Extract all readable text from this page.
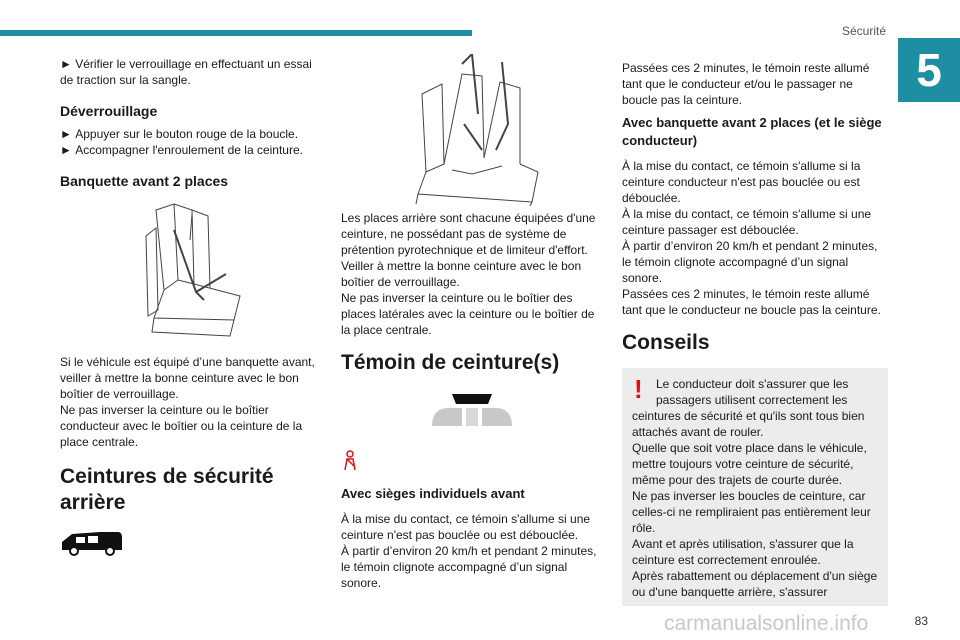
Sécurité
5

► Vérifier le verrouillage en effectuant un essai de traction sur la sangle.

Déverrouillage

► Appuyer sur le bouton rouge de la boucle.

► Accompagner l'enroulement de la ceinture.

Banquette avant 2 places

Si le véhicule est équipé d’une banquette avant, veiller à mettre la bonne ceinture avec le bon boîtier de verrouillage.
Ne pas inverser la ceinture ou le boîtier conducteur avec le boîtier ou la ceinture de la place centrale.

Ceintures de sécurité arrière

Les places arrière sont chacune équipées d'une ceinture, ne possédant pas de système de prétention pyrotechnique et de limiteur d'effort.
Veiller à mettre la bonne ceinture avec le bon boîtier de verrouillage.
Ne pas inverser la ceinture ou le boîtier des places latérales avec la ceinture ou le boîtier de la place centrale.

Témoin de ceinture(s)
Avec sièges individuels avant

À la mise du contact, ce témoin s'allume si une ceinture n'est pas bouclée ou est débouclée.
À partir d’environ 20 km/h et pendant 2 minutes, le témoin clignote accompagné d’un signal sonore.

Passées ces 2 minutes, le témoin reste allumé tant que le conducteur et/ou le passager ne boucle pas la ceinture.

Avec banquette avant 2 places (et le siège conducteur)

À la mise du contact, ce témoin s'allume si la ceinture conducteur n'est pas bouclée ou est débouclée.
À la mise du contact, ce témoin s'allume si une ceinture passager est débouclée.
À partir d’environ 20 km/h et pendant 2 minutes, le témoin clignote accompagné d’un signal sonore.
Passées ces 2 minutes, le témoin reste allumé tant que le conducteur ne boucle pas la ceinture.

Conseils
!	Le conducteur doit s'assurer que les passagers utilisent correctement les

ceintures de sécurité et qu'ils sont tous bien attachés avant de rouler.
Quelle que soit votre place dans le véhicule, mettre toujours votre ceinture de sécurité, même pour des trajets de courte durée.
Ne pas inverser les boucles de ceinture, car celles-ci ne rempliraient pas entièrement leur rôle.
Avant et après utilisation, s'assurer que la ceinture est correctement enroulée.
Après rabattement ou déplacement d'un siège ou d'une banquette arrière, s'assurer

carmanualsonline.info	83
